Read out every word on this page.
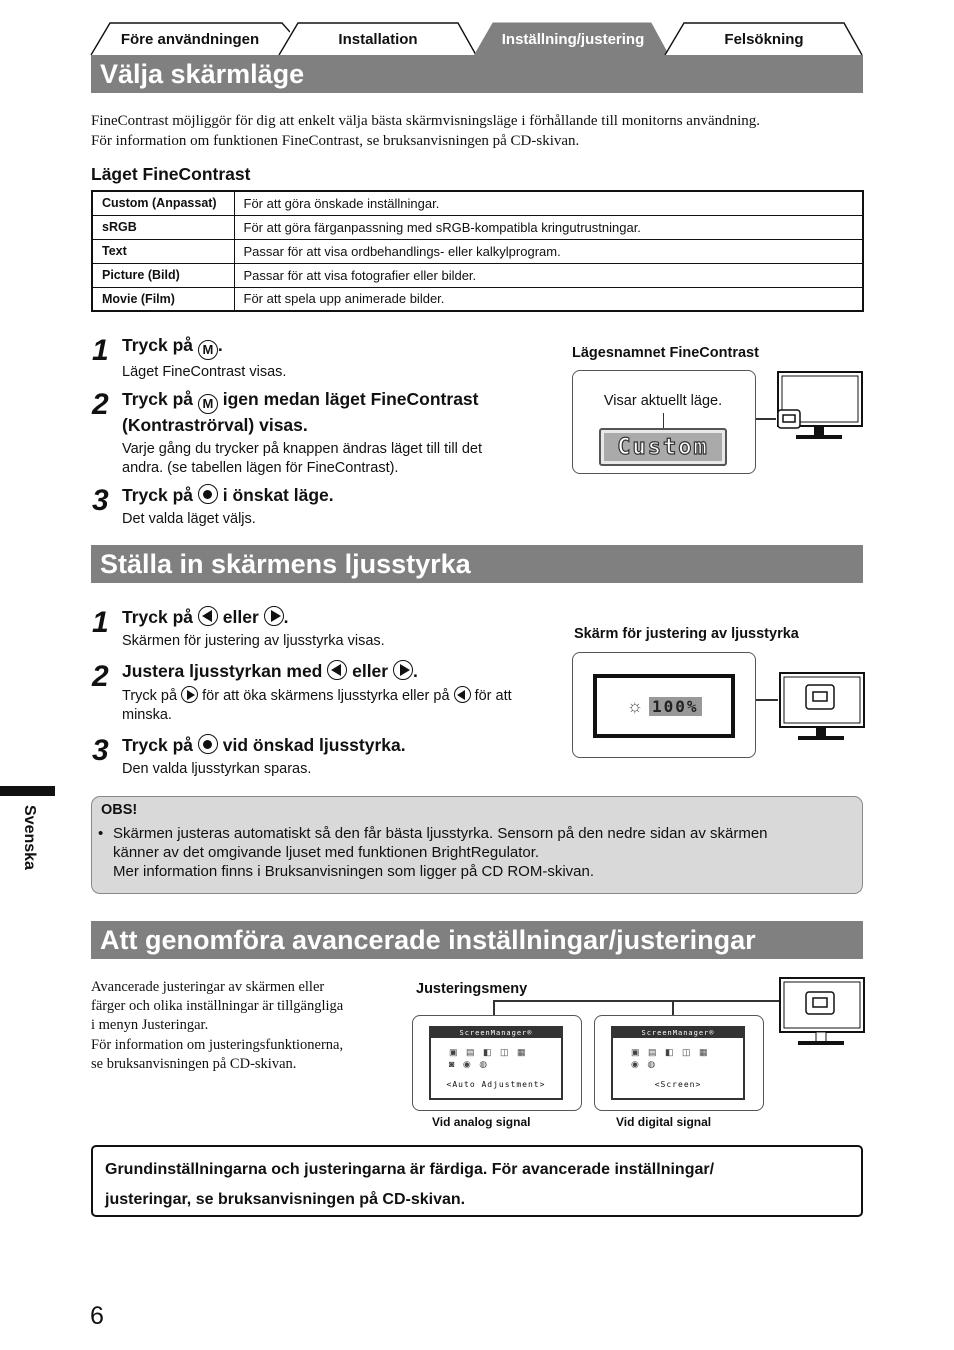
Före användningen	Installation	Inställning/justering	Felsökning
Välja skärmläge
FineContrast möjliggör för dig att enkelt välja bästa skärmvisningsläge i förhållande till monitorns användning.
För information om funktionen FineContrast, se bruksanvisningen på CD-skivan.
Läget FineContrast
Custom (Anpassat)	För att göra önskade inställningar.
sRGB	För att göra färganpassning med sRGB-kompatibla kringutrustningar.
Text	Passar för att visa ordbehandlings- eller kalkylprogram.
Picture (Bild)	Passar för att visa fotografier eller bilder.
Movie (Film)	För att spela upp animerade bilder.
1 Tryck på M .
Läget FineContrast visas.
2 Tryck på M igen medan läget FineContrast (Kontraströrval) visas.
Varje gång du trycker på knappen ändras läget till till det andra. (se tabellen lägen för FineContrast).
3 Tryck på  i önskat läge.
Det valda läget väljs.
Lägesnamnet FineContrast
Visar aktuellt läge.
Custom
Ställa in skärmens ljusstyrka
1 Tryck på  eller .
Skärmen för justering av ljusstyrka visas.
2 Justera ljusstyrkan med  eller .
Tryck på  för att öka skärmens ljusstyrka eller på  för att minska.
3 Tryck på  vid önskad ljusstyrka.
Den valda ljusstyrkan sparas.
Skärm för justering av ljusstyrka
☼ 100%
Svenska	OBS!
• Skärmen justeras automatiskt så den får bästa ljusstyrka. Sensorn på den nedre sidan av skärmen
känner av det omgivande ljuset med funktionen BrightRegulator.
Mer information finns i Bruksanvisningen som ligger på CD ROM-skivan.
Att genomföra avancerade inställningar/justeringar
Avancerade justeringar av skärmen eller
färger och olika inställningar är tillgängliga
i menyn Justeringar.
För information om justeringsfunktionerna,
se bruksanvisningen på CD-skivan.
Justeringsmeny
ScreenManager®
▣ ▤ ◧ ◫ ▦
◙ ◉ ◍
<Auto Adjustment>
Vid analog signal
ScreenManager®
▣ ▤ ◧ ◫ ▦
◉ ◍
<Screen>
Vid digital signal
Grundinställningarna och justeringarna är färdiga. För avancerade inställningar/
justeringar, se bruksanvisningen på CD-skivan.
6
